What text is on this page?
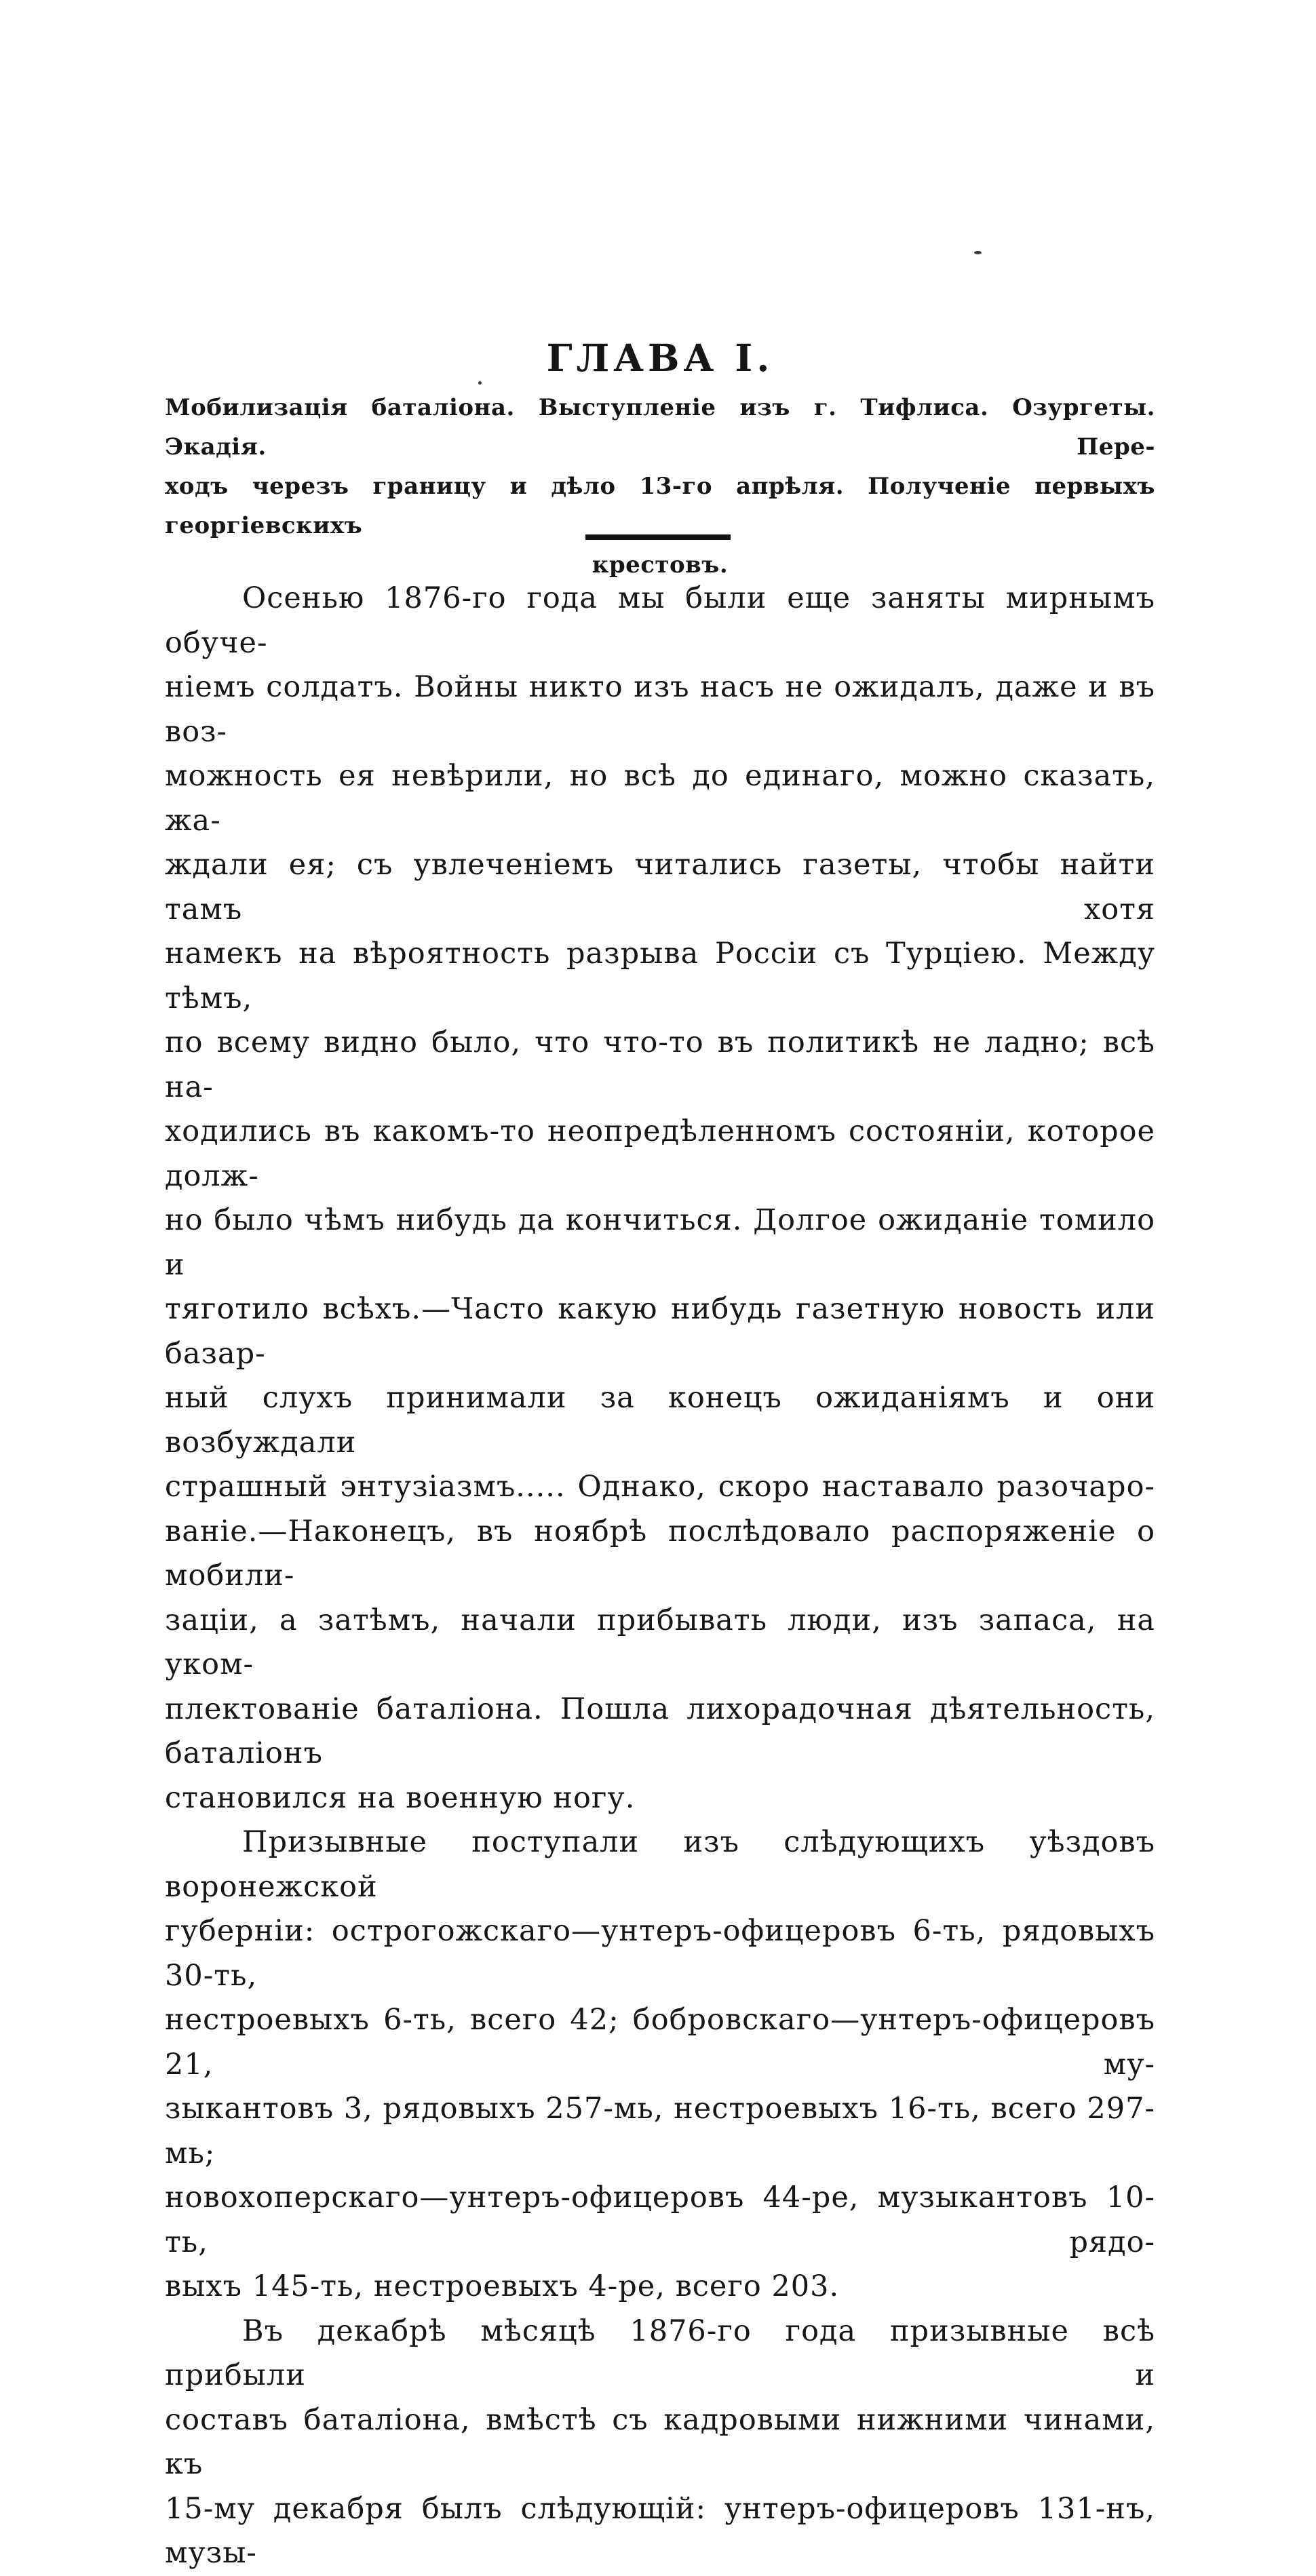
ГЛАВА I.
Мобилизація баталіона. Выступленіе изъ г. Тифлиса. Озургеты. Экадія. Пере-
ходъ черезъ границу и дѣло 13-го апрѣля. Полученіе первыхъ георгіевскихъ
крестовъ.
Осенью 1876-го года мы были еще заняты мирнымъ обуче-
ніемъ солдатъ. Войны никто изъ насъ не ожидалъ, даже и въ воз-
можность ея невѣрили, но всѣ до единаго, можно сказать, жа-
ждали ея; съ увлеченіемъ читались газеты, чтобы найти тамъ хотя
намекъ на вѣроятность разрыва Россіи съ Турціею. Между тѣмъ,
по всему видно было, что что-то въ политикѣ не ладно; всѣ на-
ходились въ какомъ-то неопредѣленномъ состояніи, которое долж-
но было чѣмъ нибудь да кончиться. Долгое ожиданіе томило и
тяготило всѣхъ.—Часто какую нибудь газетную новость или базар-
ный слухъ принимали за конецъ ожиданіямъ и они возбуждали
страшный энтузіазмъ..... Однако, скоро наставало разочаро-
ваніе.—Наконецъ, въ ноябрѣ послѣдовало распоряженіе о мобили-
заціи, а затѣмъ, начали прибывать люди, изъ запаса, на уком-
плектованіе баталіона. Пошла лихорадочная дѣятельность, баталіонъ
становился на военную ногу.
Призывные поступали изъ слѣдующихъ уѣздовъ воронежской
губерніи: острогожскаго—унтеръ-офицеровъ 6-ть, рядовыхъ 30-ть,
нестроевыхъ 6-ть, всего 42; бобровскаго—унтеръ-офицеровъ 21, му-
зыкантовъ 3, рядовыхъ 257-мь, нестроевыхъ 16-ть, всего 297-мь;
новохоперскаго—унтеръ-офицеровъ 44-ре, музыкантовъ 10-ть, рядо-
выхъ 145-ть, нестроевыхъ 4-ре, всего 203.
Въ декабрѣ мѣсяцѣ 1876-го года призывные всѣ прибыли и
составъ баталіона, вмѣстѣ съ кадровыми нижними чинами, къ
15-му декабря былъ слѣдующій: унтеръ-офицеровъ 131-нъ, музы-
